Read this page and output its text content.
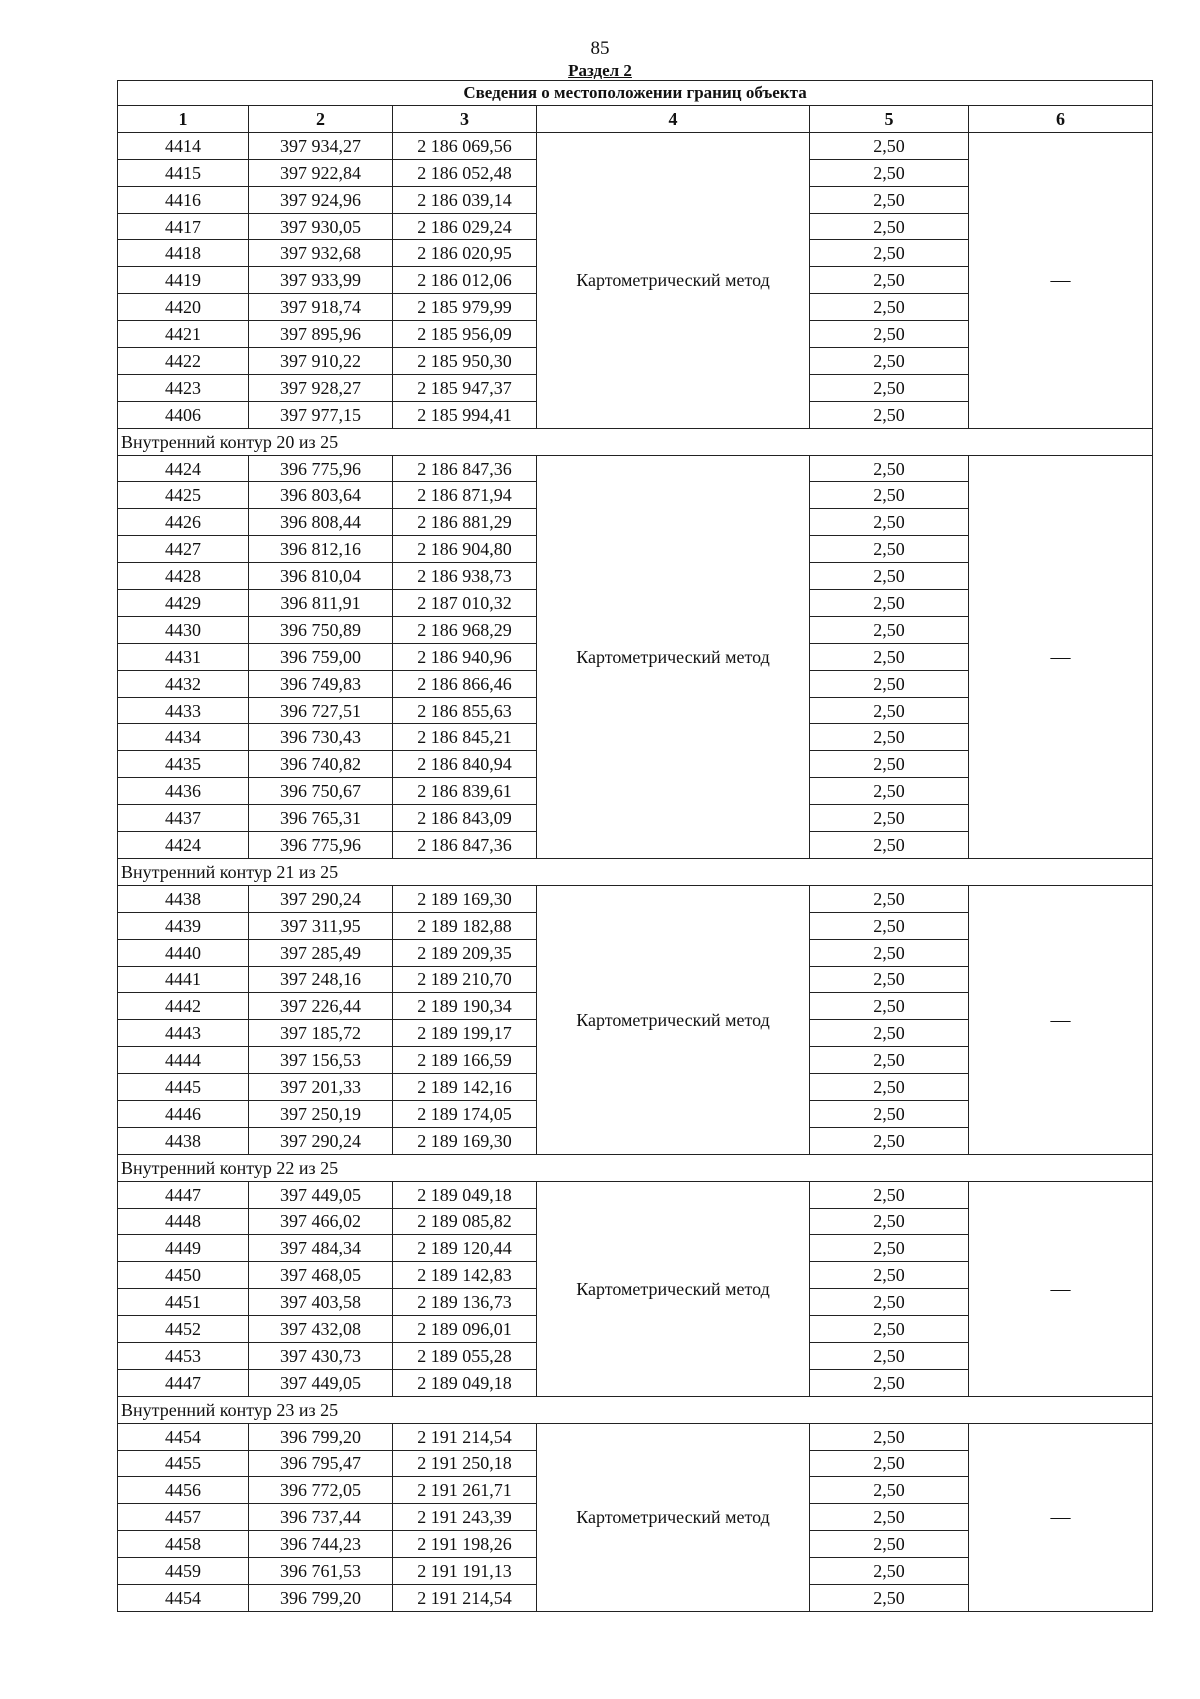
85
Раздел 2
Сведения о местоположении границ объекта					
1	2	3	4	5	6
4414	397 934,27	2 186 069,56	Картометрический метод	2,50	—
4415	397 922,84	2 186 052,48		2,50	
4416	397 924,96	2 186 039,14		2,50	
4417	397 930,05	2 186 029,24		2,50	
4418	397 932,68	2 186 020,95		2,50	
4419	397 933,99	2 186 012,06		2,50	
4420	397 918,74	2 185 979,99		2,50	
4421	397 895,96	2 185 956,09		2,50	
4422	397 910,22	2 185 950,30		2,50	
4423	397 928,27	2 185 947,37		2,50	
4406	397 977,15	2 185 994,41		2,50	
Внутренний контур 20 из 25					
4424	396 775,96	2 186 847,36	Картометрический метод	2,50	—
4425	396 803,64	2 186 871,94		2,50	
4426	396 808,44	2 186 881,29		2,50	
4427	396 812,16	2 186 904,80		2,50	
4428	396 810,04	2 186 938,73		2,50	
4429	396 811,91	2 187 010,32		2,50	
4430	396 750,89	2 186 968,29		2,50	
4431	396 759,00	2 186 940,96		2,50	
4432	396 749,83	2 186 866,46		2,50	
4433	396 727,51	2 186 855,63		2,50	
4434	396 730,43	2 186 845,21		2,50	
4435	396 740,82	2 186 840,94		2,50	
4436	396 750,67	2 186 839,61		2,50	
4437	396 765,31	2 186 843,09		2,50	
4424	396 775,96	2 186 847,36		2,50	
Внутренний контур 21 из 25					
4438	397 290,24	2 189 169,30	Картометрический метод	2,50	—
4439	397 311,95	2 189 182,88		2,50	
4440	397 285,49	2 189 209,35		2,50	
4441	397 248,16	2 189 210,70		2,50	
4442	397 226,44	2 189 190,34		2,50	
4443	397 185,72	2 189 199,17		2,50	
4444	397 156,53	2 189 166,59		2,50	
4445	397 201,33	2 189 142,16		2,50	
4446	397 250,19	2 189 174,05		2,50	
4438	397 290,24	2 189 169,30		2,50	
Внутренний контур 22 из 25					
4447	397 449,05	2 189 049,18	Картометрический метод	2,50	—
4448	397 466,02	2 189 085,82		2,50	
4449	397 484,34	2 189 120,44		2,50	
4450	397 468,05	2 189 142,83		2,50	
4451	397 403,58	2 189 136,73		2,50	
4452	397 432,08	2 189 096,01		2,50	
4453	397 430,73	2 189 055,28		2,50	
4447	397 449,05	2 189 049,18		2,50	
Внутренний контур 23 из 25					
4454	396 799,20	2 191 214,54	Картометрический метод	2,50	—
4455	396 795,47	2 191 250,18		2,50	
4456	396 772,05	2 191 261,71		2,50	
4457	396 737,44	2 191 243,39		2,50	
4458	396 744,23	2 191 198,26		2,50	
4459	396 761,53	2 191 191,13		2,50	
4454	396 799,20	2 191 214,54		2,50	
